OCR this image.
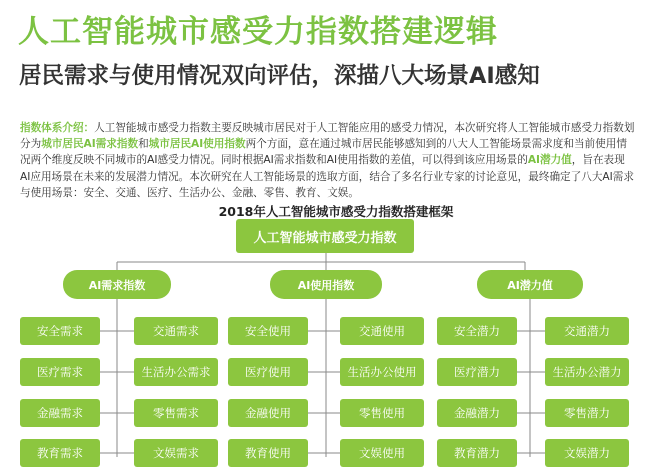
人工智能城市感受力指数搭建逻辑
居民需求与使用情况双向评估，深描八大场景AI感知

指数体系介绍：人工智能城市感受力指数主要反映城市居民对于人工智能应用的感受力情况，本次研究将人工智能城市感受力指数划分为城市居民AI需求指数和城市居民AI使用指数两个方面，意在通过城市居民能够感知到的八大人工智能场景需求度和当前使用情况两个维度反映不同城市的AI感受力情况。同时根据AI需求指数和AI使用指数的差值，可以得到该应用场景的AI潜力值，旨在表现AI应用场景在未来的发展潜力情况。本次研究在人工智能场景的选取方面，结合了多名行业专家的讨论意见，最终确定了八大AI需求与使用场景：安全、交通、医疗、生活办公、金融、零售、教育、文娱。

2018年人工智能城市感受力指数搭建框架
人工智能城市感受力指数
AI需求指数	AI使用指数	AI潜力值
安全需求	交通需求
医疗需求	生活办公需求
金融需求	零售需求
教育需求	文娱需求
安全使用	交通使用
医疗使用	生活办公使用
金融使用	零售使用
教育使用	文娱使用
安全潜力	交通潜力
医疗潜力	生活办公潜力
金融潜力	零售潜力
教育潜力	文娱潜力
